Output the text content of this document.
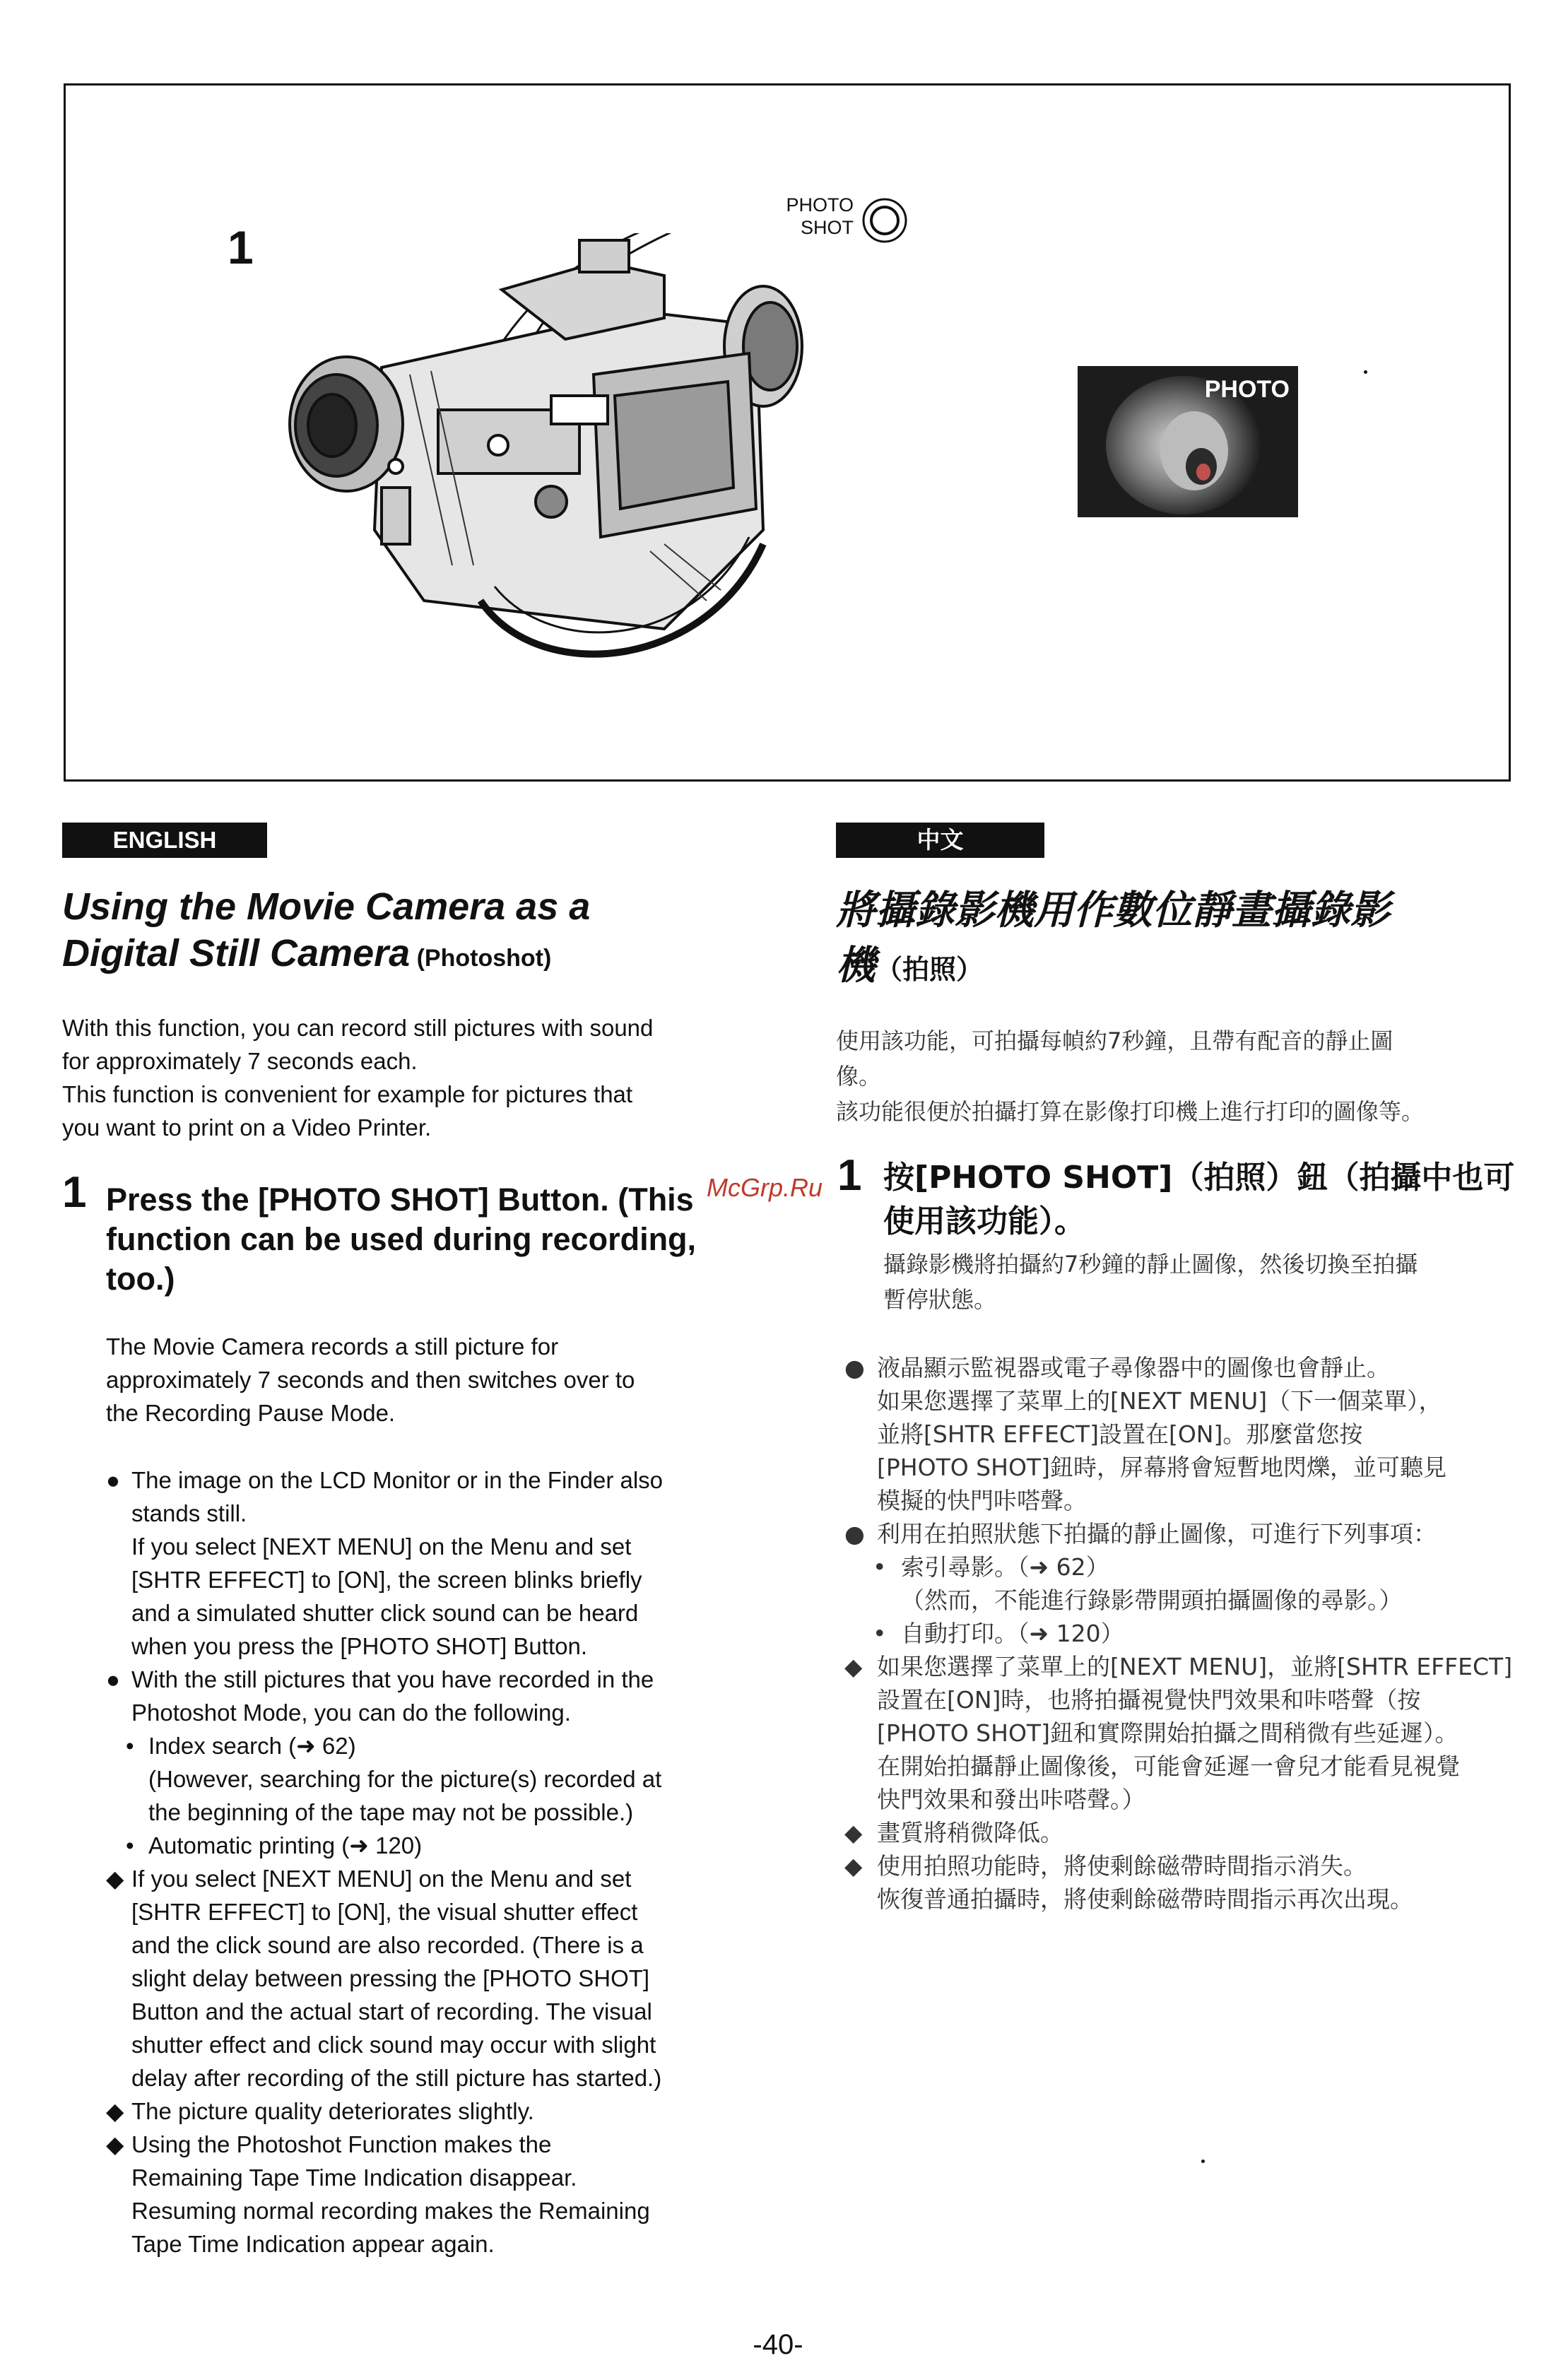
1
PHOTO
SHOT
PHOTO
ENGLISH	中文
Using the Movie Camera as a
Digital Still Camera (Photoshot)
將攝錄影機用作數位靜畫攝錄影
機（拍照）
With this function, you can record still pictures with sound
for approximately 7 seconds each.
This function is convenient for example for pictures that
you want to print on a Video Printer.
使用該功能，可拍攝每幀約7秒鐘，且帶有配音的靜止圖
像。
該功能很便於拍攝打算在影像打印機上進行打印的圖像等。
1 Press the [PHOTO SHOT] Button. (This
function can be used during recording,
too.)
The Movie Camera records a still picture for
approximately 7 seconds and then switches over to
the Recording Pause Mode.
1 按[PHOTO SHOT]（拍照）鈕（拍攝中也可
使用該功能）。
攝錄影機將拍攝約7秒鐘的靜止圖像，然後切換至拍攝
暫停狀態。
McGrp.Ru
● The image on the LCD Monitor or in the Finder also
stands still.
If you select [NEXT MENU] on the Menu and set
[SHTR EFFECT] to [ON], the screen blinks briefly
and a simulated shutter click sound can be heard
when you press the [PHOTO SHOT] Button.
● With the still pictures that you have recorded in the
Photoshot Mode, you can do the following.
• Index search (➜ 62)
(However, searching for the picture(s) recorded at
the beginning of the tape may not be possible.)
• Automatic printing (➜ 120)
◆ If you select [NEXT MENU] on the Menu and set
[SHTR EFFECT] to [ON], the visual shutter effect
and the click sound are also recorded. (There is a
slight delay between pressing the [PHOTO SHOT]
Button and the actual start of recording. The visual
shutter effect and click sound may occur with slight
delay after recording of the still picture has started.)
◆ The picture quality deteriorates slightly.
◆ Using the Photoshot Function makes the
Remaining Tape Time Indication disappear.
Resuming normal recording makes the Remaining
Tape Time Indication appear again.
● 液晶顯示監視器或電子尋像器中的圖像也會靜止。
如果您選擇了菜單上的[NEXT MENU]（下一個菜單），
並將[SHTR EFFECT]設置在[ON]。那麼當您按
[PHOTO SHOT]鈕時，屏幕將會短暫地閃爍，並可聽見
模擬的快門咔嗒聲。
● 利用在拍照狀態下拍攝的靜止圖像，可進行下列事項：
• 索引尋影。（➜ 62）
（然而，不能進行錄影帶開頭拍攝圖像的尋影。）
• 自動打印。（➜ 120）
◆ 如果您選擇了菜單上的[NEXT MENU]，並將[SHTR EFFECT]
設置在[ON]時，也將拍攝視覺快門效果和咔嗒聲（按
[PHOTO SHOT]鈕和實際開始拍攝之間稍微有些延遲）。
在開始拍攝靜止圖像後，可能會延遲一會兒才能看見視覺
快門效果和發出咔嗒聲。）
◆ 畫質將稍微降低。
◆ 使用拍照功能時，將使剩餘磁帶時間指示消失。
恢復普通拍攝時，將使剩餘磁帶時間指示再次出現。
-40-
